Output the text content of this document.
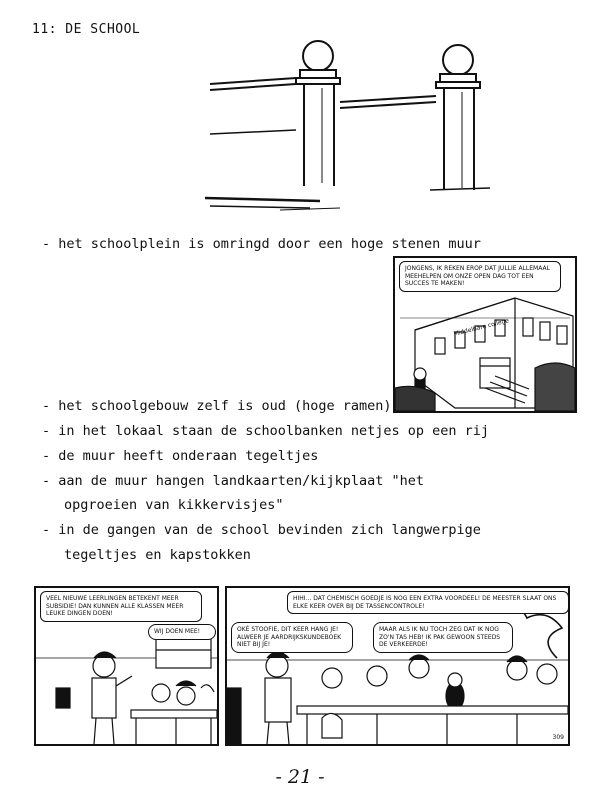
11: DE SCHOOL
- het schoolplein is omringd door een hoge stenen muur
JONGENS, IK REKEN EROP DAT JULLIE ALLEMAAL MEEHELPEN OM ONZE OPEN DAG TOT EEN SUCCES TE MAKEN!
Middelbare college
- het schoolgebouw zelf is oud (hoge ramen)
- in het lokaal staan de schoolbanken netjes op een rij
- de muur heeft onderaan tegeltjes
- aan de muur hangen landkaarten/kijkplaat "het
opgroeien van kikkervisjes"
- in de gangen van de school bevinden zich langwerpige
tegeltjes en kapstokken
VEEL NIEUWE LEERLINGEN BETEKENT MEER SUBSIDIE! DAN KUNNEN ALLE KLASSEN MEER LEUKE DINGEN DOEN!
WIJ DOEN MEE!
HIHI... DAT CHEMISCH GOEDJE IS NOG EEN EXTRA VOORDEEL! DE MEESTER SLAAT ONS ELKE KEER OVER BIJ DE TASSENCONTROLE!
OKÉ STOOFIE, DIT KEER HANG JE! ALWEER JE AARDRIJKSKUNDEBOEK NIET BIJ JE!
MAAR ALS IK NU TOCH ZEG DAT IK NOG ZO'N TAS HEB! IK PAK GEWOON STEEDS DE VERKEERDE!
309
- 21 -
